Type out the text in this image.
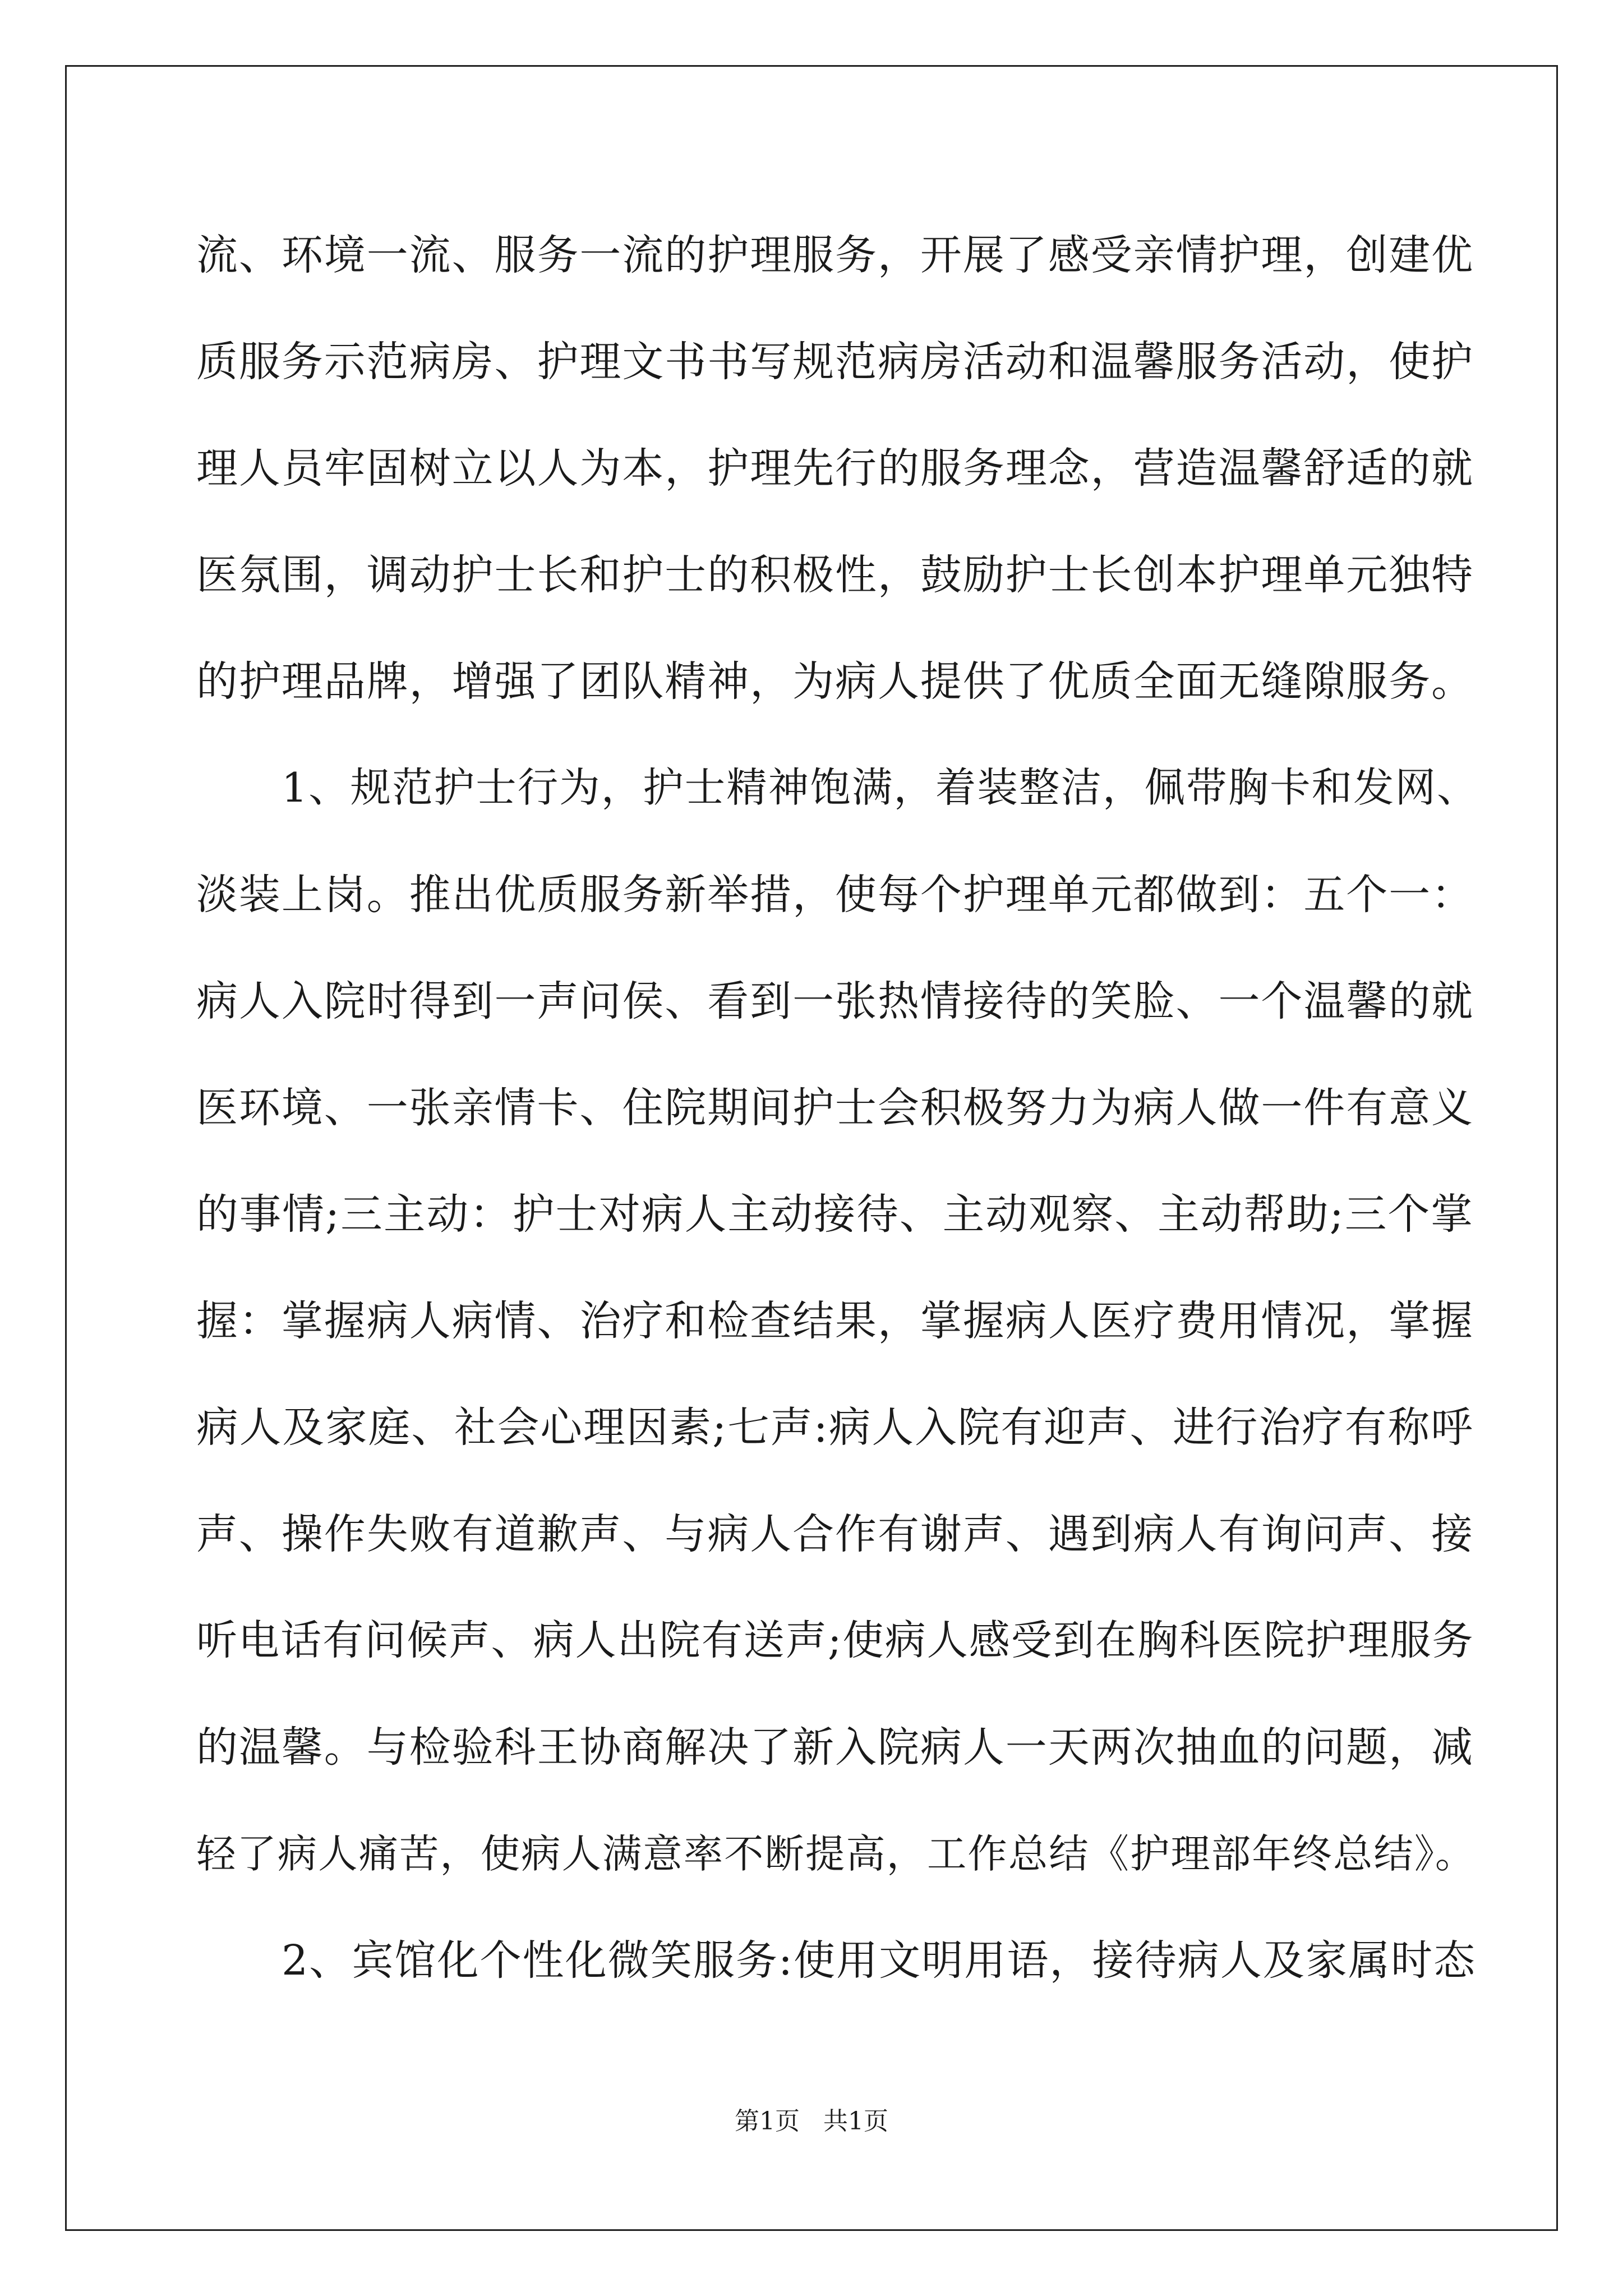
流、环境一流、服务一流的护理服务，开展了感受亲情护理，创建优
质服务示范病房、护理文书书写规范病房活动和温馨服务活动，使护
理人员牢固树立以人为本，护理先行的服务理念，营造温馨舒适的就
医氛围，调动护士长和护士的积极性，鼓励护士长创本护理单元独特
的护理品牌，增强了团队精神，为病人提供了优质全面无缝隙服务。
1、规范护士行为，护士精神饱满，着装整洁，佩带胸卡和发网、
淡装上岗。推出优质服务新举措，使每个护理单元都做到：五个一：
病人入院时得到一声问侯、看到一张热情接待的笑脸、一个温馨的就
医环境、一张亲情卡、住院期间护士会积极努力为病人做一件有意义
的事情;三主动：护士对病人主动接待、主动观察、主动帮助;三个掌
握：掌握病人病情、治疗和检查结果，掌握病人医疗费用情况，掌握
病人及家庭、社会心理因素;七声:病人入院有迎声、进行治疗有称呼
声、操作失败有道歉声、与病人合作有谢声、遇到病人有询问声、接
听电话有问候声、病人出院有送声;使病人感受到在胸科医院护理服务
的温馨。与检验科王协商解决了新入院病人一天两次抽血的问题，减
轻了病人痛苦，使病人满意率不断提高，工作总结《护理部年终总结》。
2、宾馆化个性化微笑服务:使用文明用语，接待病人及家属时态
第1页   共1页
